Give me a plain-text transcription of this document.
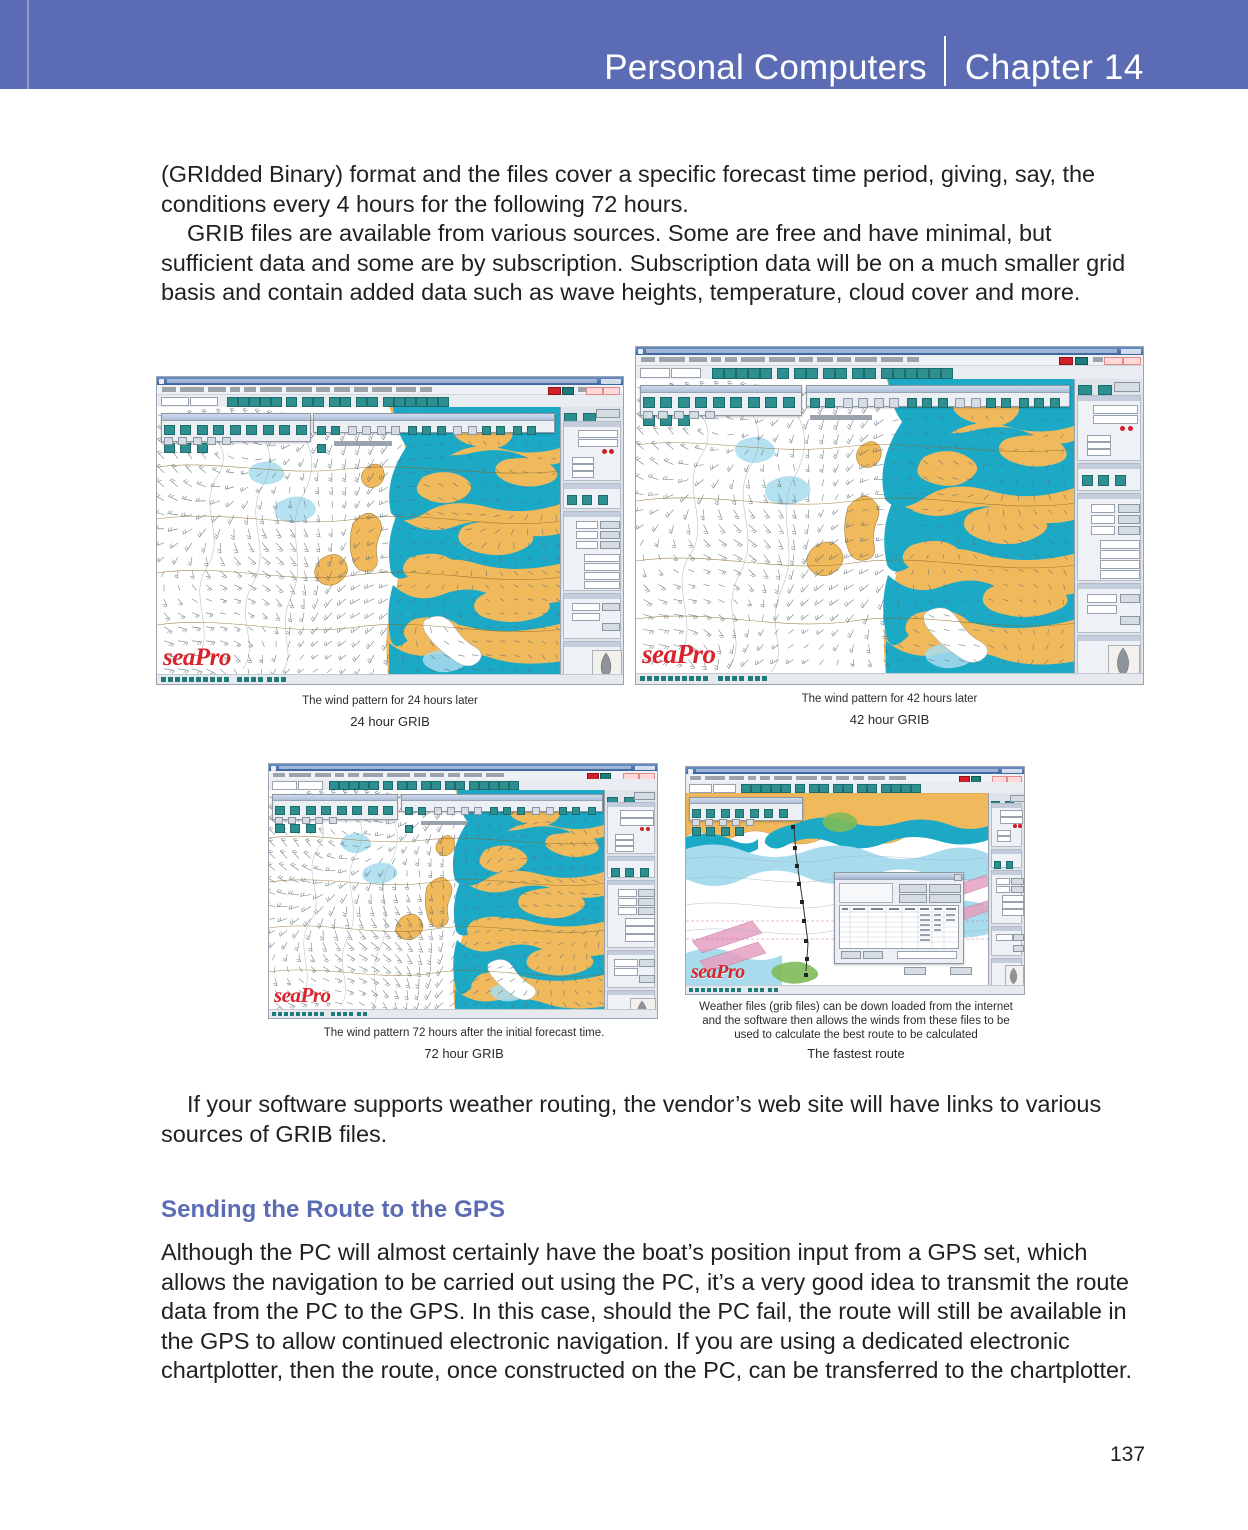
Personal Computers Chapter 14

(GRIdded Binary) format and the files cover a specific forecast time period, giving, say, the conditions every 4 hours for the following 72 hours.

GRIB files are available from various sources. Some are free and have minimal, but sufficient data and some are by subscription. Subscription data will be on a much smaller grid basis and contain added data such as wave heights, temperature, cloud cover and more.

seaPro
The wind pattern for 24 hours later
24 hour GRIB

seaPro
The wind pattern for 42 hours later
42 hour GRIB

seaPro
The wind pattern 72 hours after the initial forecast time.
72 hour GRIB

seaPro
Weather files (grib files) can be down loaded from the internet and the software then allows the winds from these files to be used to calculate the best route to be calculated
The fastest route

If your software supports weather routing, the vendor’s web site will have links to various sources of GRIB files.

Sending the Route to the GPS

Although the PC will almost certainly have the boat’s position input from a GPS set, which allows the navigation to be carried out using the PC, it’s a very good idea to transmit the route data from the PC to the GPS. In this case, should the PC fail, the route will still be available in the GPS to allow continued electronic navigation. If you are using a dedicated electronic chartplotter, then the route, once constructed on the PC, can be transferred to the chartplotter.

137
